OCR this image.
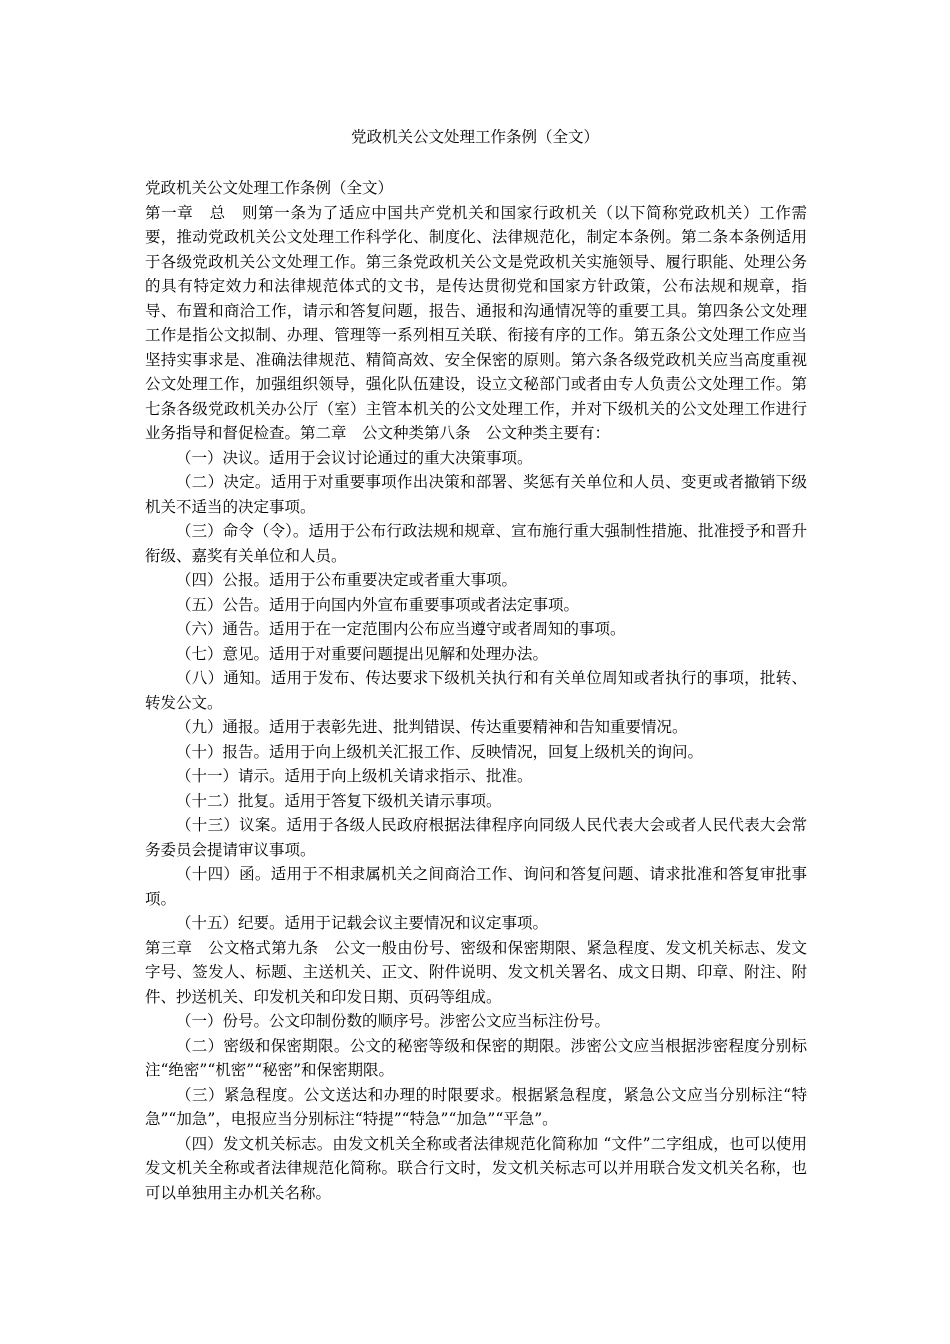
党政机关公文处理工作条例（全文）

党政机关公文处理工作条例（全文）

第一章　总　则第一条为了适应中国共产党机关和国家行政机关（以下简称党政机关）工作需要，推动党政机关公文处理工作科学化、制度化、法律规范化，制定本条例。第二条本条例适用于各级党政机关公文处理工作。第三条党政机关公文是党政机关实施领导、履行职能、处理公务的具有特定效力和法律规范体式的文书，是传达贯彻党和国家方针政策，公布法规和规章，指导、布置和商洽工作，请示和答复问题，报告、通报和沟通情况等的重要工具。第四条公文处理工作是指公文拟制、办理、管理等一系列相互关联、衔接有序的工作。第五条公文处理工作应当坚持实事求是、准确法律规范、精简高效、安全保密的原则。第六条各级党政机关应当高度重视公文处理工作，加强组织领导，强化队伍建设，设立文秘部门或者由专人负责公文处理工作。第七条各级党政机关办公厅（室）主管本机关的公文处理工作，并对下级机关的公文处理工作进行业务指导和督促检查。第二章　公文种类第八条　公文种类主要有：

（一）决议。适用于会议讨论通过的重大决策事项。

（二）决定。适用于对重要事项作出决策和部署、奖惩有关单位和人员、变更或者撤销下级机关不适当的决定事项。

（三）命令（令）。适用于公布行政法规和规章、宣布施行重大强制性措施、批准授予和晋升衔级、嘉奖有关单位和人员。

（四）公报。适用于公布重要决定或者重大事项。

（五）公告。适用于向国内外宣布重要事项或者法定事项。

（六）通告。适用于在一定范围内公布应当遵守或者周知的事项。

（七）意见。适用于对重要问题提出见解和处理办法。

（八）通知。适用于发布、传达要求下级机关执行和有关单位周知或者执行的事项，批转、转发公文。

（九）通报。适用于表彰先进、批判错误、传达重要精神和告知重要情况。

（十）报告。适用于向上级机关汇报工作、反映情况，回复上级机关的询问。

（十一）请示。适用于向上级机关请求指示、批准。

（十二）批复。适用于答复下级机关请示事项。

（十三）议案。适用于各级人民政府根据法律程序向同级人民代表大会或者人民代表大会常务委员会提请审议事项。

（十四）函。适用于不相隶属机关之间商洽工作、询问和答复问题、请求批准和答复审批事项。

（十五）纪要。适用于记载会议主要情况和议定事项。

第三章　公文格式第九条　公文一般由份号、密级和保密期限、紧急程度、发文机关标志、发文字号、签发人、标题、主送机关、正文、附件说明、发文机关署名、成文日期、印章、附注、附件、抄送机关、印发机关和印发日期、页码等组成。

（一）份号。公文印制份数的顺序号。涉密公文应当标注份号。

（二）密级和保密期限。公文的秘密等级和保密的期限。涉密公文应当根据涉密程度分别标注“绝密”“机密”“秘密”和保密期限。

（三）紧急程度。公文送达和办理的时限要求。根据紧急程度，紧急公文应当分别标注“特急”“加急”，电报应当分别标注“特提”“特急”“加急”“平急”。

（四）发文机关标志。由发文机关全称或者法律规范化简称加 “文件”二字组成，也可以使用发文机关全称或者法律规范化简称。联合行文时，发文机关标志可以并用联合发文机关名称，也可以单独用主办机关名称。
